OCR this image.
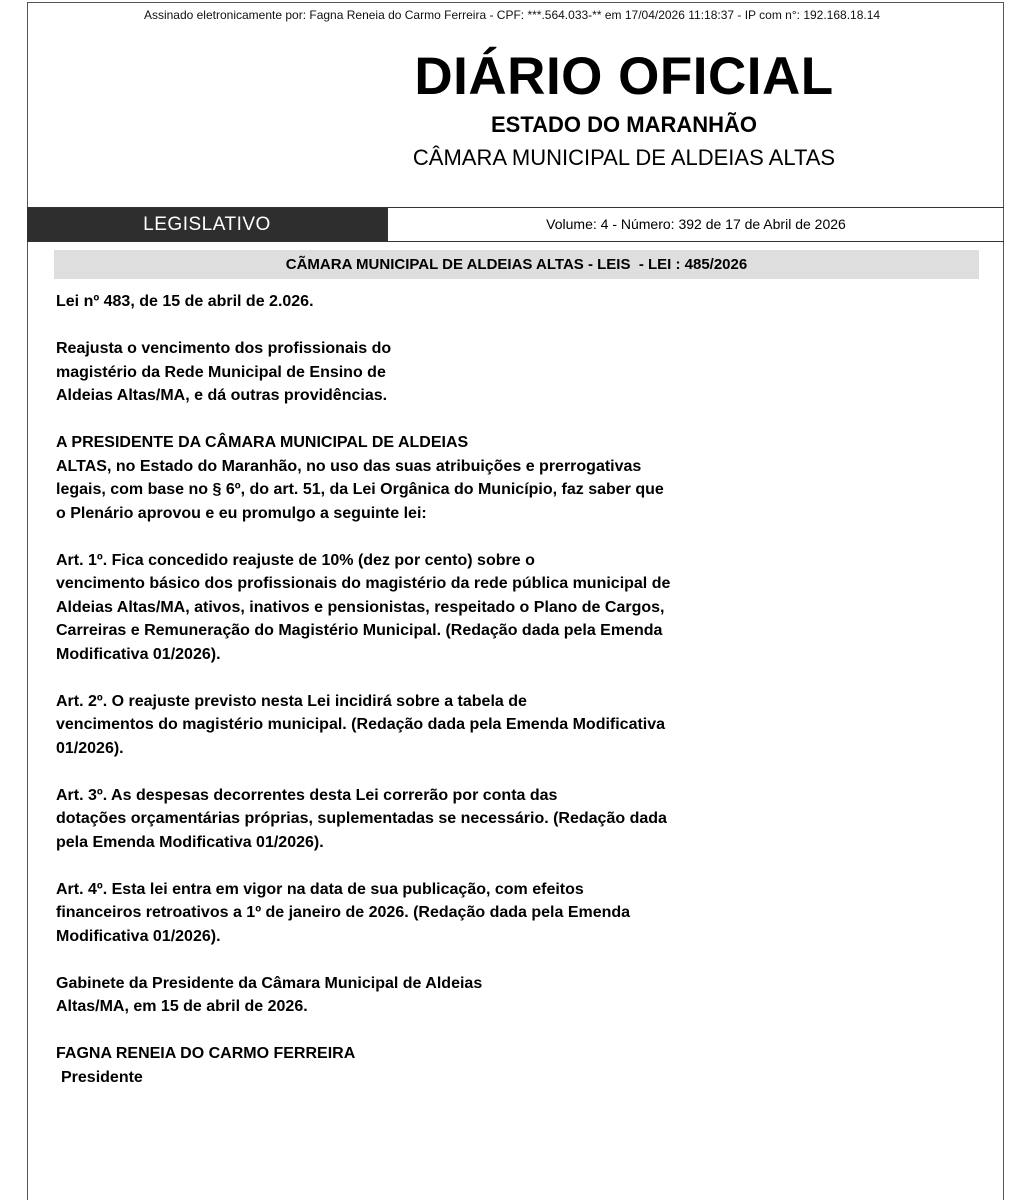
Assinado eletronicamente por: Fagna Reneia do Carmo Ferreira - CPF: ***.564.033-** em 17/04/2026 11:18:37 - IP com n°: 192.168.18.14
DIÁRIO OFICIAL
ESTADO DO MARANHÃO
CÂMARA MUNICIPAL DE ALDEIAS ALTAS
LEGISLATIVO	Volume: 4 - Número: 392 de 17 de Abril de 2026
CÃMARA MUNICIPAL DE ALDEIAS ALTAS - LEIS  - LEI : 485/2026

Lei nº 483, de 15 de abril de 2.026.

Reajusta o vencimento dos profissionais do
magistério da Rede Municipal de Ensino de
Aldeias Altas/MA, e dá outras providências.

A PRESIDENTE DA CÂMARA MUNICIPAL DE ALDEIAS
ALTAS, no Estado do Maranhão, no uso das suas atribuições e prerrogativas
legais, com base no § 6º, do art. 51, da Lei Orgânica do Município, faz saber que
o Plenário aprovou e eu promulgo a seguinte lei:

Art. 1º. Fica concedido reajuste de 10% (dez por cento) sobre o
vencimento básico dos profissionais do magistério da rede pública municipal de
Aldeias Altas/MA, ativos, inativos e pensionistas, respeitado o Plano de Cargos,
Carreiras e Remuneração do Magistério Municipal. (Redação dada pela Emenda
Modificativa 01/2026).

Art. 2º. O reajuste previsto nesta Lei incidirá sobre a tabela de
vencimentos do magistério municipal. (Redação dada pela Emenda Modificativa
01/2026).

Art. 3º. As despesas decorrentes desta Lei correrão por conta das
dotações orçamentárias próprias, suplementadas se necessário. (Redação dada
pela Emenda Modificativa 01/2026).

Art. 4º. Esta lei entra em vigor na data de sua publicação, com efeitos
financeiros retroativos a 1º de janeiro de 2026. (Redação dada pela Emenda
Modificativa 01/2026).

Gabinete da Presidente da Câmara Municipal de Aldeias
Altas/MA, em 15 de abril de 2026.

FAGNA RENEIA DO CARMO FERREIRA
Presidente
